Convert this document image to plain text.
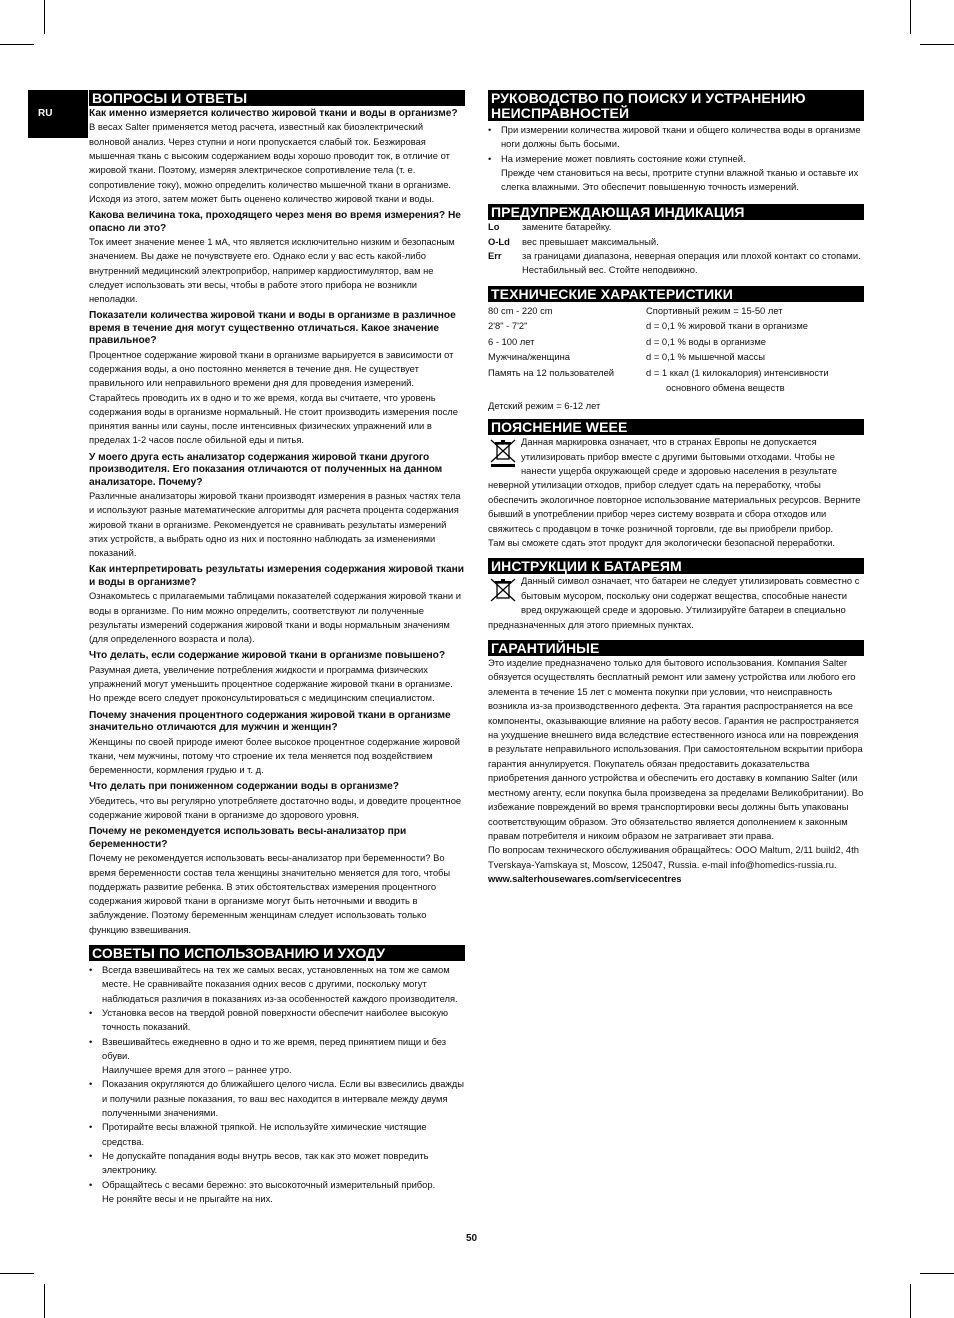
RU
ВОПРОСЫ И ОТВЕТЫ
Как именно измеряется количество жировой ткани и воды в организме?
В весах Salter применяется метод расчета, известный как биоэлектрический волновой анализ. Через ступни и ноги пропускается слабый ток. Безжировая мышечная ткань с высоким содержанием воды хорошо проводит ток, в отличие от жировой ткани. Поэтому, измеряя электрическое сопротивление тела (т. е. сопротивление току), можно определить количество мышечной ткани в организме. Исходя из этого, затем может быть оценено количество жировой ткани и воды.
Какова величина тока, проходящего через меня во время измерения? Не опасно ли это?
Ток имеет значение менее 1 мА, что является исключительно низким и безопасным значением. Вы даже не почувствуете его. Однако если у вас есть какой-либо внутренний медицинский электроприбор, например кардиостимулятор, вам не следует использовать эти весы, чтобы в работе этого прибора не возникли неполадки.
Показатели количества жировой ткани и воды в организме в различное время в течение дня могут существенно отличаться. Какое значение правильное?
Процентное содержание жировой ткани в организме варьируется в зависимости от содержания воды, а оно постоянно меняется в течение дня. Не существует правильного или неправильного времени дня для проведения измерений. Старайтесь проводить их в одно и то же время, когда вы считаете, что уровень содержания воды в организме нормальный. Не стоит производить измерения после принятия ванны или сауны, после интенсивных физических упражнений или в пределах 1-2 часов после обильной еды и питья.
У моего друга есть анализатор содержания жировой ткани другого производителя. Его показания отличаются от полученных на данном анализаторе. Почему?
Различные анализаторы жировой ткани производят измерения в разных частях тела и используют разные математические алгоритмы для расчета процента содержания жировой ткани в организме. Рекомендуется не сравнивать результаты измерений этих устройств, а выбрать одно из них и постоянно наблюдать за изменениями показаний.
Как интерпретировать результаты измерения содержания жировой ткани и воды в организме?
Ознакомьтесь с прилагаемыми таблицами показателей содержания жировой ткани и воды в организме. По ним можно определить, соответствуют ли полученные результаты измерений содержания жировой ткани и воды нормальным значениям (для определенного возраста и пола).
Что делать, если содержание жировой ткани в организме повышено?
Разумная диета, увеличение потребления жидкости и программа физических упражнений могут уменьшить процентное содержание жировой ткани в организме. Но прежде всего следует проконсультироваться с медицинским специалистом.
Почему значения процентного содержания жировой ткани в организме значительно отличаются для мужчин и женщин?
Женщины по своей природе имеют более высокое процентное содержание жировой ткани, чем мужчины, потому что строение их тела меняется под воздействием беременности, кормления грудью и т. д.
Что делать при пониженном содержании воды в организме?
Убедитесь, что вы регулярно употребляете достаточно воды, и доведите процентное содержание жировой ткани в организме до здорового уровня.
Почему не рекомендуется использовать весы-анализатор при беременности?
Почему не рекомендуется использовать весы-анализатор при беременности? Во время беременности состав тела женщины значительно меняется для того, чтобы поддержать развитие ребенка. В этих обстоятельствах измерения процентного содержания жировой ткани в организме могут быть неточными и вводить в заблуждение. Поэтому беременным женщинам следует использовать только функцию взвешивания.
СОВЕТЫ ПО ИСПОЛЬЗОВАНИЮ И УХОДУ
• Всегда взвешивайтесь на тех же самых весах, установленных на том же самом месте. Не сравнивайте показания одних весов с другими, поскольку могут наблюдаться различия в показаниях из-за особенностей каждого производителя.
• Установка весов на твердой ровной поверхности обеспечит наиболее высокую точность показаний.
• Взвешивайтесь ежедневно в одно и то же время, перед принятием пищи и без обуви.
Наилучшее время для этого – раннее утро.
• Показания округляются до ближайшего целого числа. Если вы взвесились дважды и получили разные показания, то ваш вес находится в интервале между двумя полученными значениями.
• Протирайте весы влажной тряпкой. Не используйте химические чистящие средства.
• Не допускайте попадания воды внутрь весов, так как это может повредить электронику.
• Обращайтесь с весами бережно: это высокоточный измерительный прибор.
Не роняйте весы и не прыгайте на них.
РУКОВОДСТВО ПО ПОИСКУ И УСТРАНЕНИЮ НЕИСПРАВНОСТЕЙ
• При измерении количества жировой ткани и общего количества воды в организме ноги должны быть босыми.
• На измерение может повлиять состояние кожи ступней.
Прежде чем становиться на весы, протрите ступни влажной тканью и оставьте их слегка влажными. Это обеспечит повышенную точность измерений.
ПРЕДУПРЕЖДАЮЩАЯ ИНДИКАЦИЯ
Lo	замените батарейку.
O-Ld	вес превышает максимальный.
Err	за границами диапазона, неверная операция или плохой контакт со стопами. Нестабильный вес. Стойте неподвижно.
ТЕХНИЧЕСКИЕ ХАРАКТЕРИСТИКИ
80 cm - 220 cm	Спортивный режим = 15-50 лет
2'8" - 7'2"	d = 0,1 % жировой ткани в организме
6 - 100 лет	d = 0,1 % воды в организме
Мужчина/женщина	d = 0,1 % мышечной массы
Память на 12 пользователей	d = 1 ккал (1 килокалория) интенсивности
основного обмена веществ
Детский режим = 6-12 лет
ПОЯСНЕНИЕ WEEE
Данная маркировка означает, что в странах Европы не допускается утилизировать прибор вместе с другими бытовыми отходами. Чтобы не нанести ущерба окружающей среде и здоровью населения в результате неверной утилизации отходов, прибор следует сдать на переработку, чтобы обеспечить экологичное повторное использование материальных ресурсов. Верните бывший в употреблении прибор через систему возврата и сбора отходов или свяжитесь с продавцом в точке розничной торговли, где вы приобрели прибор.
Там вы сможете сдать этот продукт для экологически безопасной переработки.
ИНСТРУКЦИИ К БАТАРЕЯМ
Данный символ означает, что батареи не следует утилизировать совместно с бытовым мусором, поскольку они содержат вещества, способные нанести вред окружающей среде и здоровью. Утилизируйте батареи в специально предназначенных для этого приемных пунктах.
ГАРАНТИЙНЫЕ
Это изделие предназначено только для бытового использования. Компания Salter обязуется осуществлять бесплатный ремонт или замену устройства или любого его элемента в течение 15 лет с момента покупки при условии, что неисправность возникла из-за производственного дефекта. Эта гарантия распространяется на все компоненты, оказывающие влияние на работу весов. Гарантия не распространяется на ухудшение внешнего вида вследствие естественного износа или на повреждения в результате неправильного использования. При самостоятельном вскрытии прибора гарантия аннулируется. Покупатель обязан предоставить доказательства приобретения данного устройства и обеспечить его доставку в компанию Salter (или местному агенту, если покупка была произведена за пределами Великобритании). Во избежание повреждений во время транспортировки весы должны быть упакованы соответствующим образом. Это обязательство является дополнением к законным правам потребителя и никоим образом не затрагивает эти права.
По вопросам технического обслуживания обращайтесь: OOO Maltum, 2/11 build2, 4th Tverskaya-Yamskaya st, Moscow, 125047, Russia. e-mail info@homedics-russia.ru.
www.salterhousewares.com/servicecentres
50
